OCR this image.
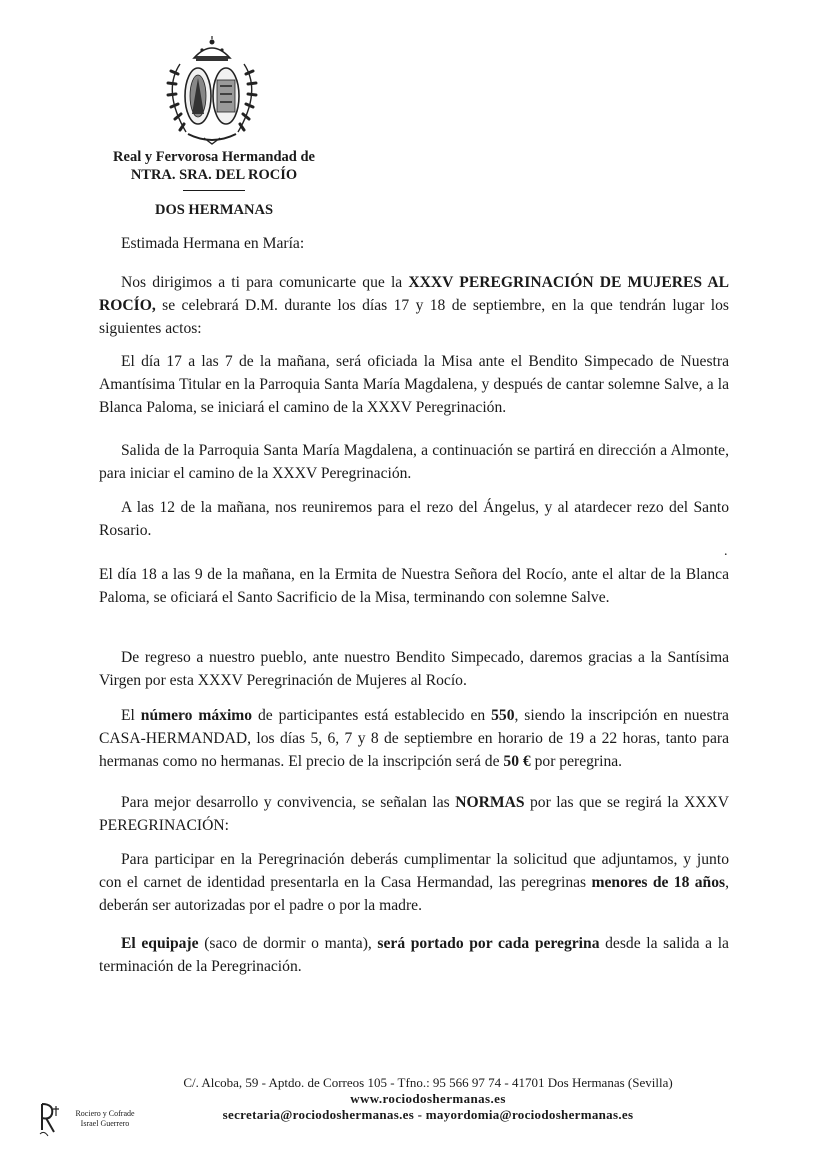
Real y Fervorosa Hermandad de
NTRA. SRA. DEL ROCÍO
DOS HERMANAS

Estimada Hermana en María:

Nos dirigimos a ti para comunicarte que la XXXV PEREGRINACIÓN DE MUJERES AL ROCÍO, se celebrará D.M. durante los días 17 y 18 de septiembre, en la que tendrán lugar los siguientes actos:

El día 17 a las 7 de la mañana, será oficiada la Misa ante el Bendito Simpecado de Nuestra Amantísima Titular en la Parroquia Santa María Magdalena, y después de cantar solemne Salve, a la Blanca Paloma, se iniciará el camino de la XXXV Peregrinación.

Salida de la Parroquia Santa María Magdalena, a continuación se partirá en dirección a Almonte, para iniciar el camino de la XXXV Peregrinación.

A las 12 de la mañana, nos reuniremos para el rezo del Ángelus, y al atardecer rezo del Santo Rosario.

.

El día 18 a las 9 de la mañana, en la Ermita de Nuestra Señora del Rocío, ante el altar de la Blanca Paloma, se oficiará el Santo Sacrificio de la Misa, terminando con solemne Salve.

De regreso a nuestro pueblo, ante nuestro Bendito Simpecado, daremos gracias a la Santísima Virgen por esta XXXV Peregrinación de Mujeres al Rocío.

El número máximo de participantes está establecido en 550, siendo la inscripción en nuestra CASA-HERMANDAD, los días 5, 6, 7 y 8 de septiembre en horario de 19 a 22 horas, tanto para hermanas como no hermanas. El precio de la inscripción será de 50 € por peregrina.

Para mejor desarrollo y convivencia, se señalan las NORMAS por las que se regirá la XXXV PEREGRINACIÓN:

Para participar en la Peregrinación deberás cumplimentar la solicitud que adjuntamos, y junto con el carnet de identidad presentarla en la Casa Hermandad, las peregrinas menores de 18 años, deberán ser autorizadas por el padre o por la madre.

El equipaje (saco de dormir o manta), será portado por cada peregrina desde la salida a la terminación de la Peregrinación.

C/. Alcoba, 59 - Aptdo. de Correos 105 - Tfno.: 95 566 97 74 - 41701 Dos Hermanas (Sevilla)
www.rociodoshermanas.es
secretaria@rociodoshermanas.es - mayordomia@rociodoshermanas.es
Rociero y Cofrade
Israel Guerrero
